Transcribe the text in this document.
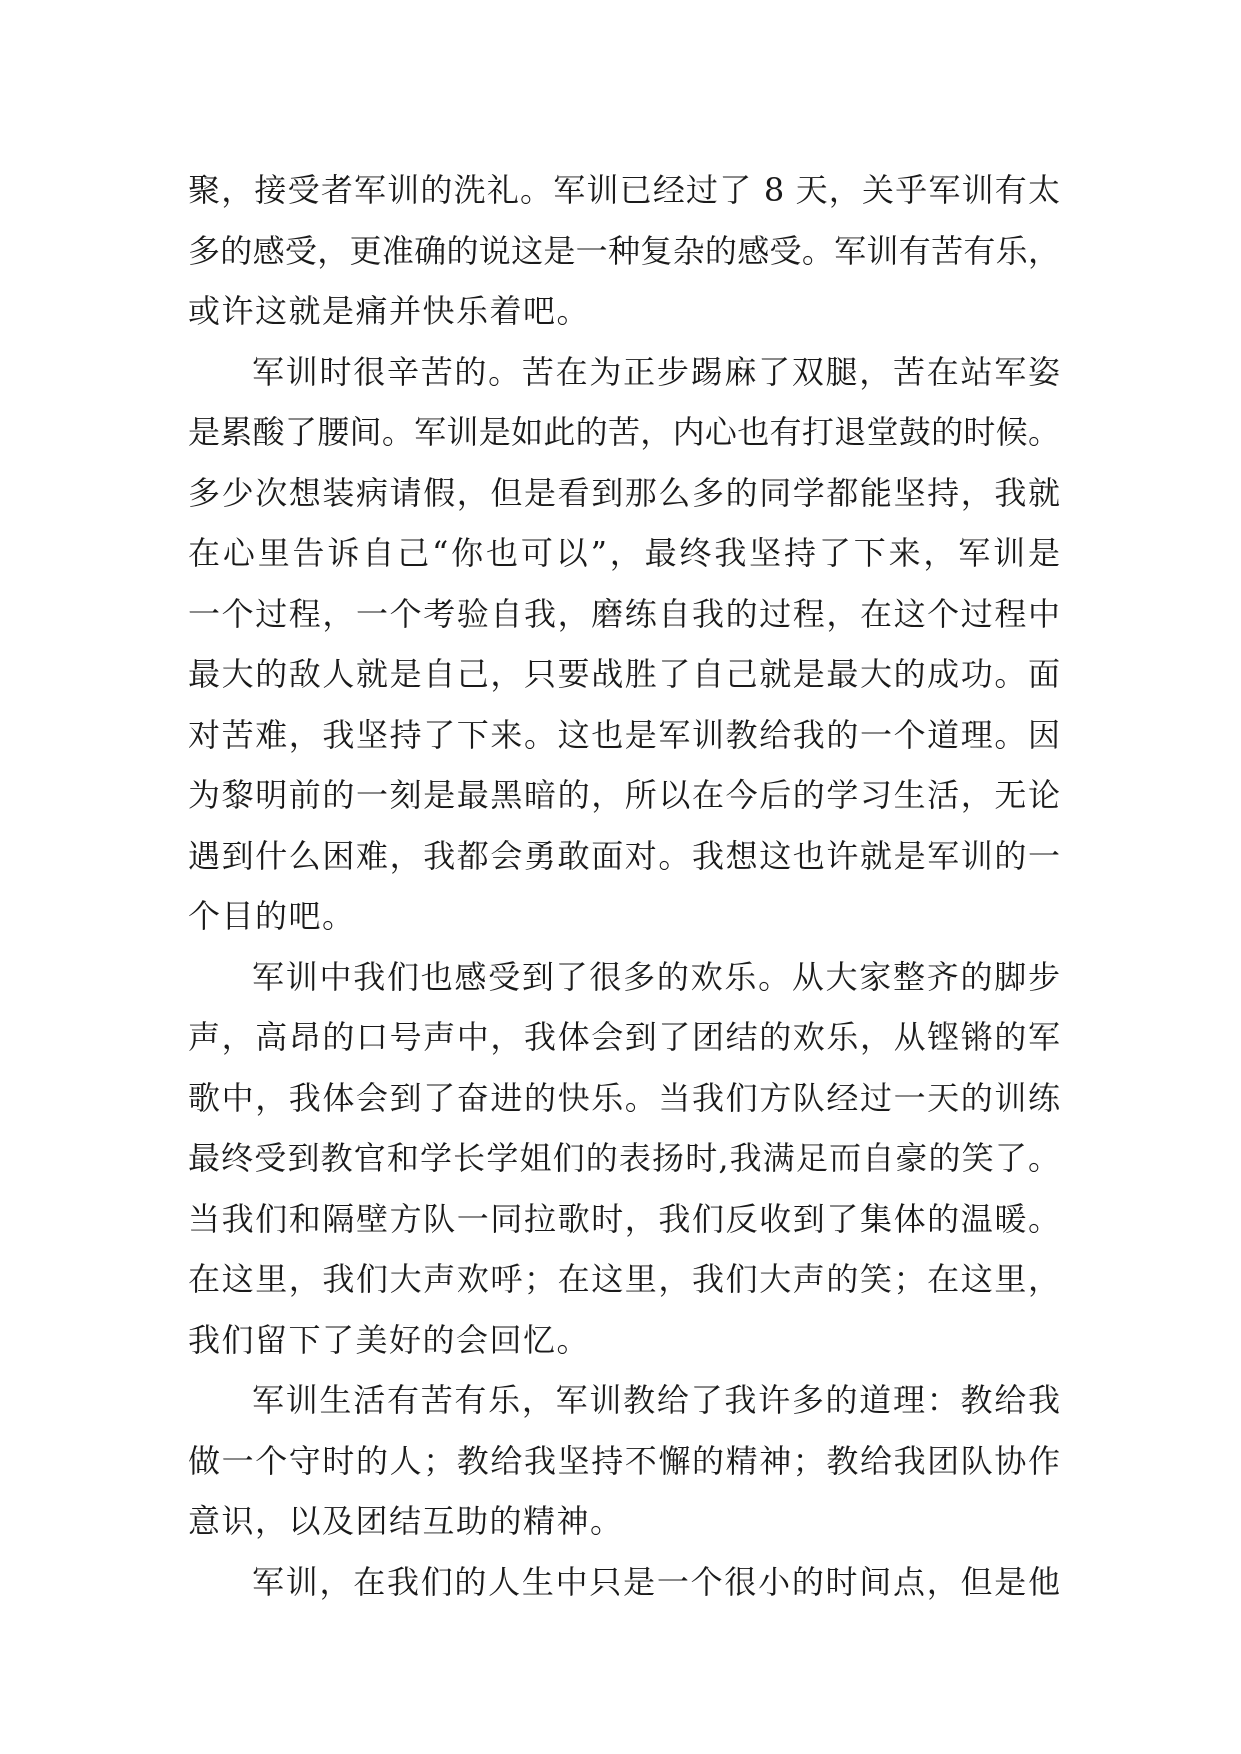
聚，接受者军训的洗礼。军训已经过了 8 天，关乎军训有太
多的感受，更准确的说这是一种复杂的感受。军训有苦有乐，
或许这就是痛并快乐着吧。
军训时很辛苦的。苦在为正步踢麻了双腿，苦在站军姿
是累酸了腰间。军训是如此的苦，内心也有打退堂鼓的时候。
多少次想装病请假，但是看到那么多的同学都能坚持，我就
在心里告诉自己“你也可以”，最终我坚持了下来，军训是
一个过程，一个考验自我，磨练自我的过程，在这个过程中
最大的敌人就是自己，只要战胜了自己就是最大的成功。面
对苦难，我坚持了下来。这也是军训教给我的一个道理。因
为黎明前的一刻是最黑暗的，所以在今后的学习生活，无论
遇到什么困难，我都会勇敢面对。我想这也许就是军训的一
个目的吧。
军训中我们也感受到了很多的欢乐。从大家整齐的脚步
声，高昂的口号声中，我体会到了团结的欢乐，从铿锵的军
歌中，我体会到了奋进的快乐。当我们方队经过一天的训练
最终受到教官和学长学姐们的表扬时,我满足而自豪的笑了。
当我们和隔壁方队一同拉歌时，我们反收到了集体的温暖。
在这里，我们大声欢呼；在这里，我们大声的笑；在这里，
我们留下了美好的会回忆。
军训生活有苦有乐，军训教给了我许多的道理：教给我
做一个守时的人；教给我坚持不懈的精神；教给我团队协作
意识，以及团结互助的精神。
军训，在我们的人生中只是一个很小的时间点，但是他
